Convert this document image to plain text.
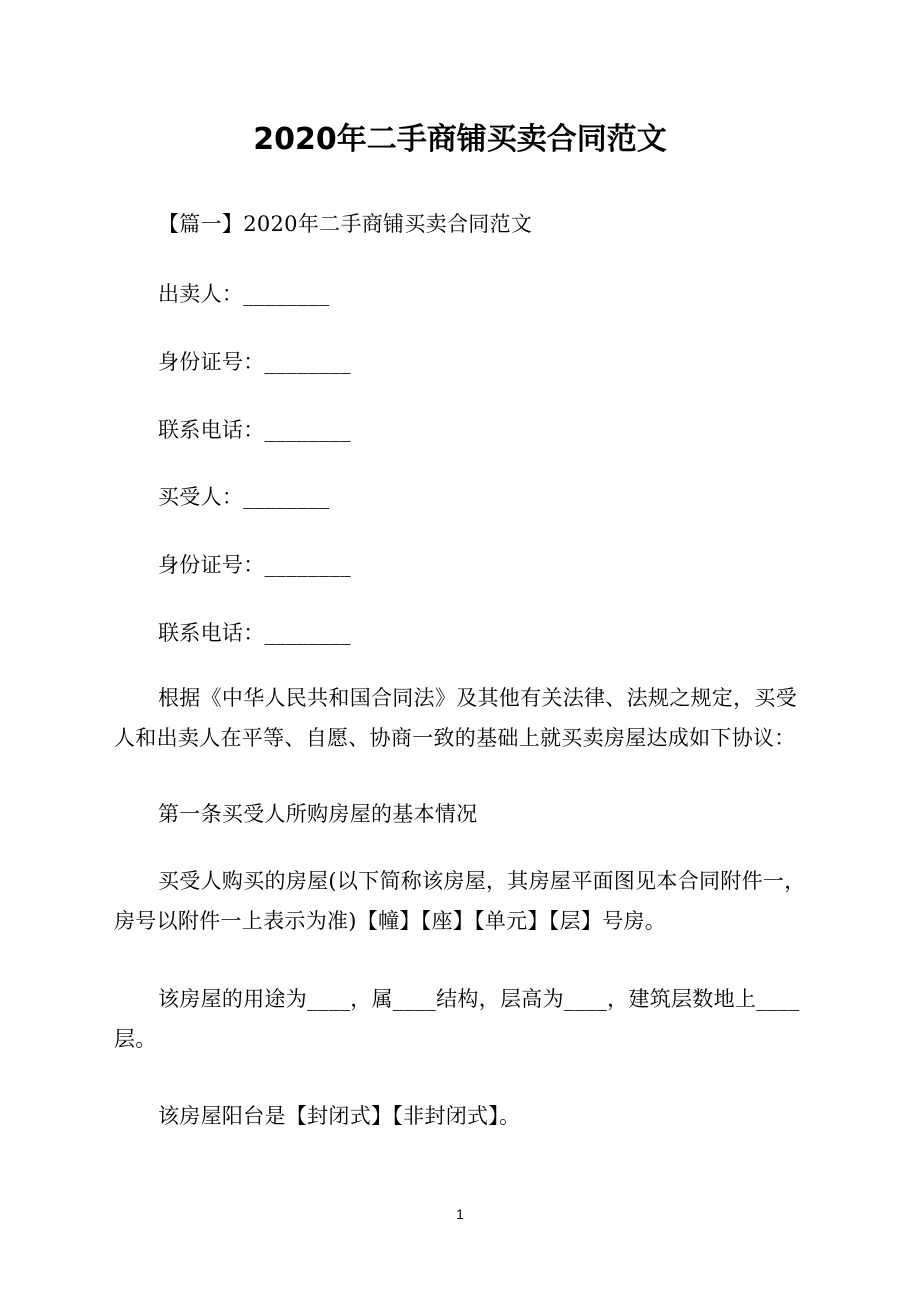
2020年二手商铺买卖合同范文

【篇一】2020年二手商铺买卖合同范文

出卖人：________

身份证号：________

联系电话：________

买受人：________

身份证号：________

联系电话：________

根据《中华人民共和国合同法》及其他有关法律、法规之规定，买受人和出卖人在平等、自愿、协商一致的基础上就买卖房屋达成如下协议：

第一条买受人所购房屋的基本情况

买受人购买的房屋(以下简称该房屋，其房屋平面图见本合同附件一，房号以附件一上表示为准)【幢】【座】【单元】【层】号房。

该房屋的用途为____，属____结构，层高为____，建筑层数地上____层。

该房屋阳台是【封闭式】【非封闭式】。

1
